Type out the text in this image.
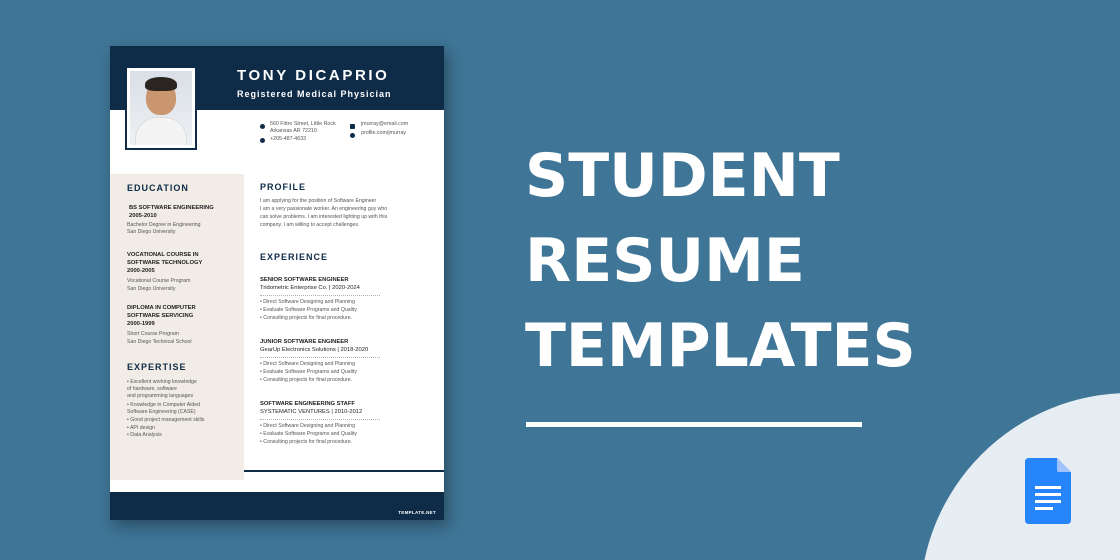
TONY DICAPRIO
Registered Medical Physician
560 Fittro Street, Little Rock
Arkansas AR 72210
+205-487-4633
jmurray@email.com
profile.com/jmurray
EDUCATION
BS SOFTWARE ENGINEERING
2005-2010
Bachelor Degree in Engineering
San Diego University
VOCATIONAL COURSE IN
SOFTWARE TECHNOLOGY
2000-2005
Vocational Course Program
San Diego University
DIPLOMA IN COMPUTER
SOFTWARE SERVICING
2000-1999
Short Course Program
San Diego Technical School
EXPERTISE
• Excellent working knowledge
of hardware, software
and programming languages
• Knowledge in Computer Aided
Software Engineering (CASE)
• Good project management skills
• API design
• Data Analysis
PROFILE
I am applying for the position of Software Engineer
I am a very passionate worker. An engineering guy who
can solve problems. I am interested lighting up with this
company. I am willing to accept challenges.
EXPERIENCE
SENIOR SOFTWARE ENGINEER
Tridometric Enterprise Co. | 2020-2024
• Direct Software Designing and Planning
• Evaluate Software Programs and Quality
• Consulting projects for final procedure.
JUNIOR SOFTWARE ENGINEER
GearUp Electronics Solutions | 2018-2020
• Direct Software Designing and Planning
• Evaluate Software Programs and Quality
• Consulting projects for final procedure.
SOFTWARE ENGINEERING STAFF
SYSTEMATIC VENTURES | 2010-2012
• Direct Software Designing and Planning
• Evaluate Software Programs and Quality
• Consulting projects for final procedure.
TEMPLATE.NET
STUDENT
RESUME
TEMPLATES
